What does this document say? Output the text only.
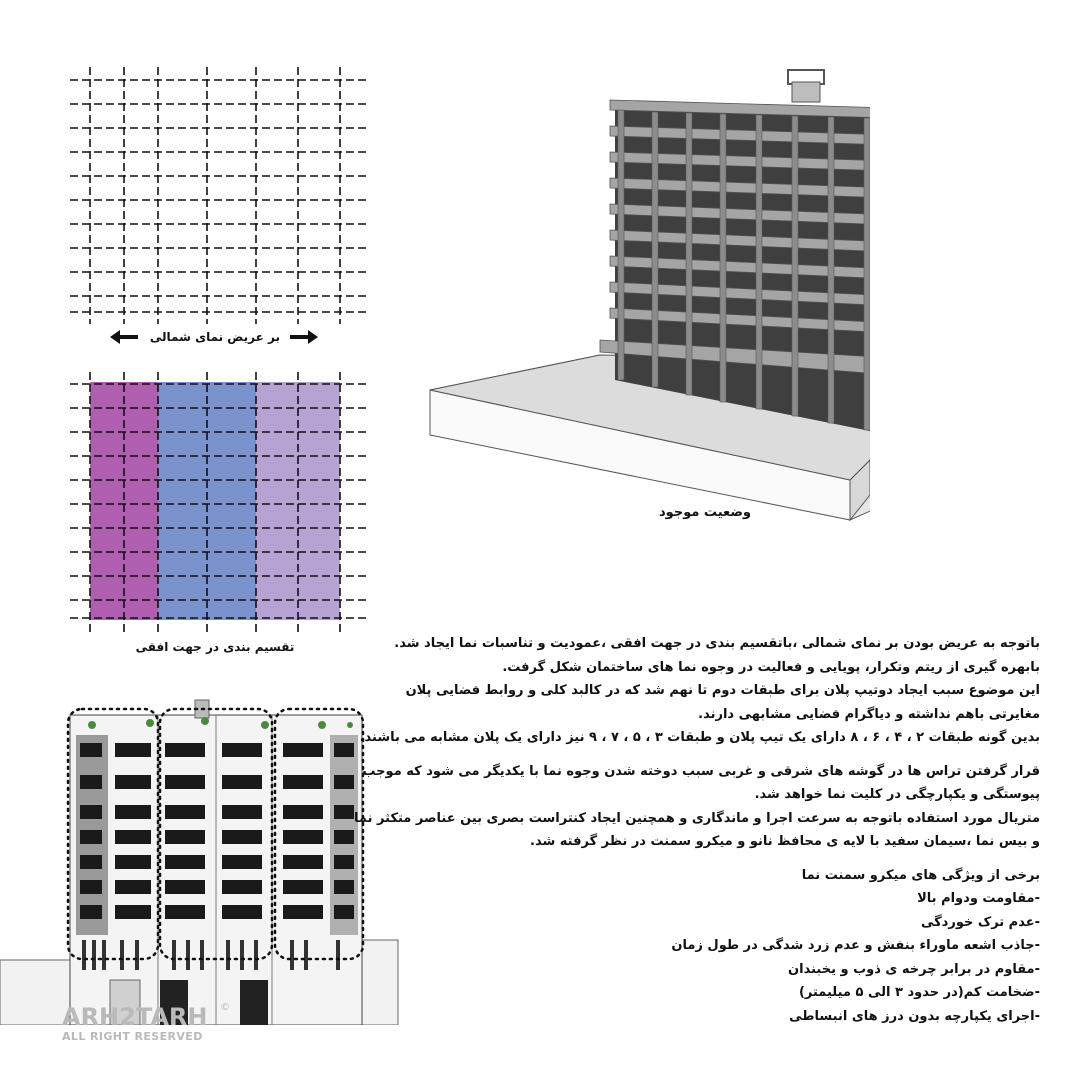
بر عریض نمای شمالی
تقسیم بندی در جهت افقی
وضعیت موجود

باتوجه به عریض بودن بر نمای شمالی ،باتقسیم بندی در جهت افقی ،عمودیت و تناسبات نما ایجاد شد.

بابهره گیری از ریتم وتکرار، پویایی و فعالیت در وجوه نما های ساختمان شکل گرفت.

این موضوع سبب ایجاد دوتیپ پلان برای طبقات دوم تا نهم شد که در کالبد کلی و روابط فضایی پلان

مغایرتی باهم نداشته و دیاگرام فضایی مشابهی دارند.

بدین گونه طبقات ۲ ، ۴ ، ۶ ، ۸ دارای یک تیپ پلان و طبقات ۳ ، ۵ ، ۷ ، ۹ نیز دارای یک پلان مشابه می باشند.

قرار گرفتن تراس ها در گوشه های شرقی و غربی سبب دوخته شدن وجوه نما با یکدیگر می شود که موجب

پیوستگی و یکپارچگی در کلیت نما خواهد شد.

متریال مورد استفاده باتوجه به سرعت اجرا و ماندگاری و همچنین ایجاد کنتراست بصری بین عناصر متکثر نما

و بیس نما ،سیمان سفید با لایه ی محافظ نانو و میکرو سمنت در نظر گرفته شد.

برخی از ویژگی های میکرو سمنت نما

-مقاومت ودوام بالا

-عدم ترک خوردگی

-جاذب اشعه ماوراء بنفش و عدم زرد شدگی در طول زمان

-مقاوم در برابر چرخه ی ذوب و یخبندان

-ضخامت کم(در حدود ۳ الی ۵ میلیمتر)

-اجرای یکپارچه بدون درز های انبساطی

ARH2TARH
ALL RIGHT RESERVED
©
